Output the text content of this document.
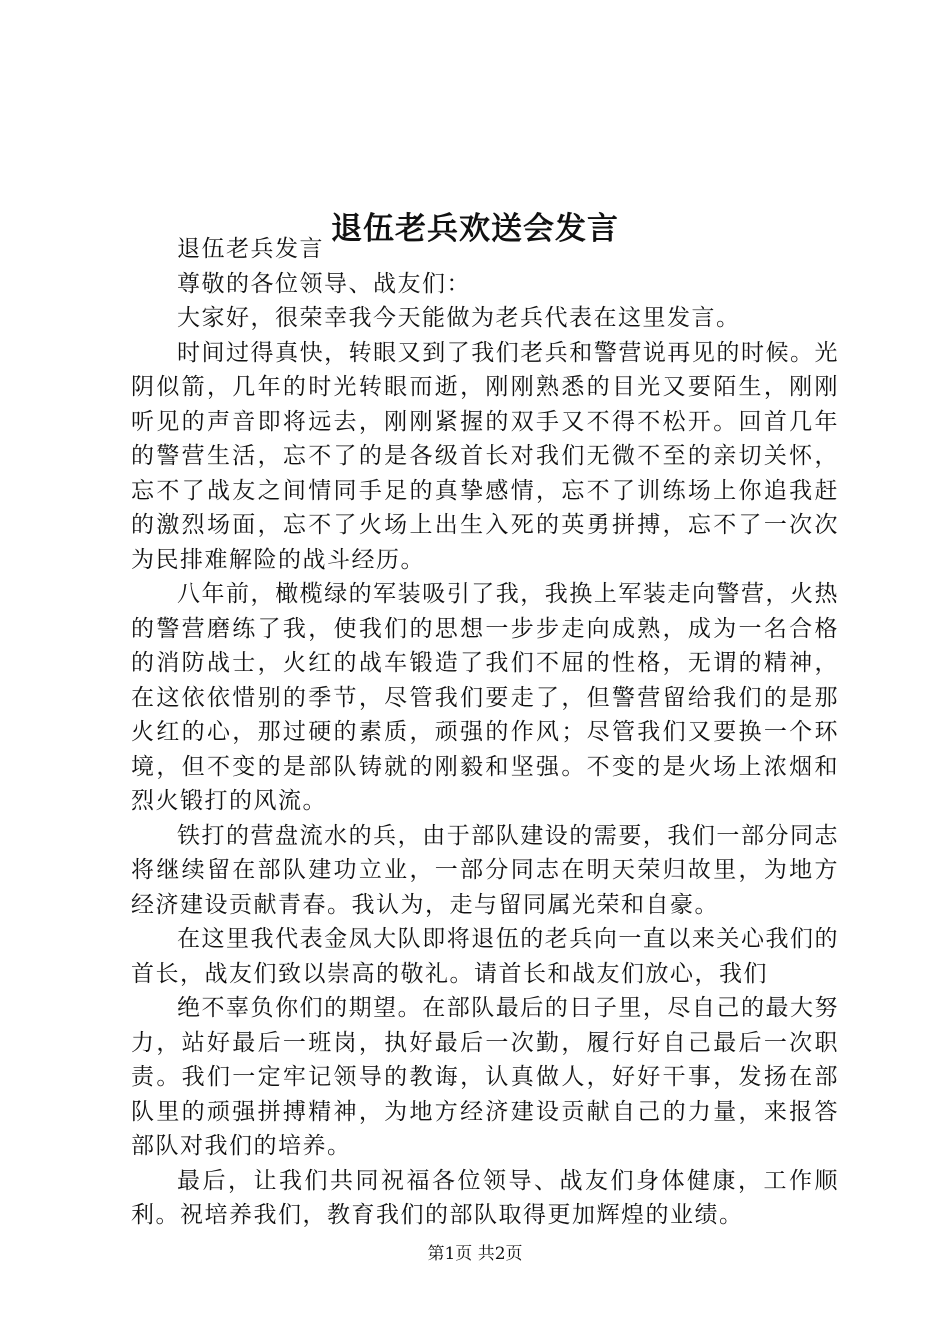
退伍老兵欢送会发言

退伍老兵发言

尊敬的各位领导、战友们：

大家好，很荣幸我今天能做为老兵代表在这里发言。

时间过得真快，转眼又到了我们老兵和警营说再见的时候。光阴似箭，几年的时光转眼而逝，刚刚熟悉的目光又要陌生，刚刚听见的声音即将远去，刚刚紧握的双手又不得不松开。回首几年的警营生活，忘不了的是各级首长对我们无微不至的亲切关怀，忘不了战友之间情同手足的真挚感情，忘不了训练场上你追我赶的激烈场面，忘不了火场上出生入死的英勇拼搏，忘不了一次次为民排难解险的战斗经历。

八年前，橄榄绿的军装吸引了我，我换上军装走向警营，火热的警营磨练了我，使我们的思想一步步走向成熟，成为一名合格的消防战士，火红的战车锻造了我们不屈的性格，无谓的精神，在这依依惜别的季节，尽管我们要走了，但警营留给我们的是那火红的心，那过硬的素质，顽强的作风；尽管我们又要换一个环境，但不变的是部队铸就的刚毅和坚强。不变的是火场上浓烟和烈火锻打的风流。

铁打的营盘流水的兵，由于部队建设的需要，我们一部分同志将继续留在部队建功立业，一部分同志在明天荣归故里，为地方经济建设贡献青春。我认为，走与留同属光荣和自豪。

在这里我代表金凤大队即将退伍的老兵向一直以来关心我们的首长，战友们致以崇高的敬礼。请首长和战友们放心，我们

绝不辜负你们的期望。在部队最后的日子里，尽自己的最大努力，站好最后一班岗，执好最后一次勤，履行好自己最后一次职责。我们一定牢记领导的教诲，认真做人，好好干事，发扬在部队里的顽强拼搏精神，为地方经济建设贡献自己的力量，来报答部队对我们的培养。

最后，让我们共同祝福各位领导、战友们身体健康，工作顺利。祝培养我们，教育我们的部队取得更加辉煌的业绩。

第1页 共2页
